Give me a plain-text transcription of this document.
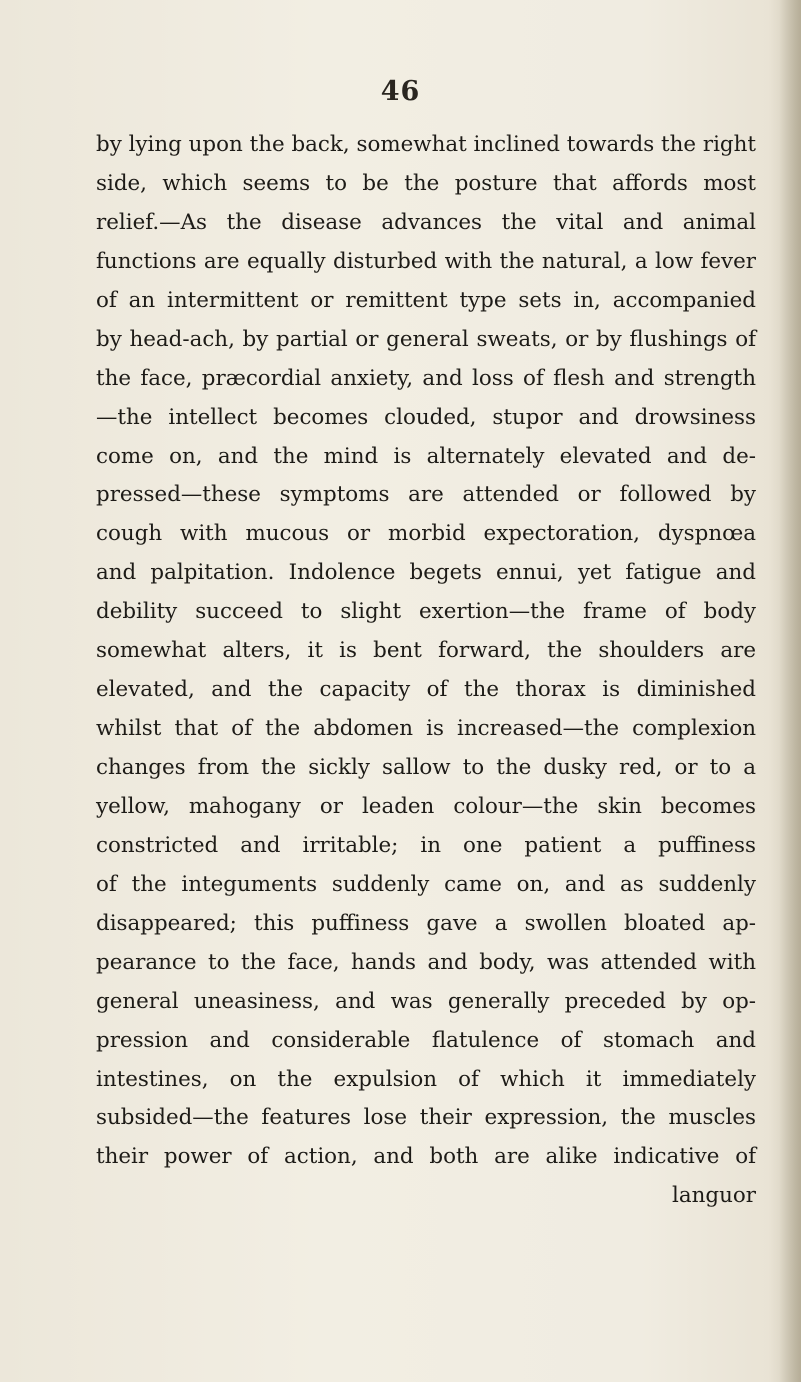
46
by lying upon the back, somewhat inclined towards the right
side, which seems to be the posture that affords most
relief.—As the disease advances the vital and animal
functions are equally disturbed with the natural, a low fever
of an intermittent or remittent type sets in, accompanied
by head-ach, by partial or general sweats, or by flushings of
the face, præcordial anxiety, and loss of flesh and strength
—the intellect becomes clouded, stupor and drowsiness
come on, and the mind is alternately elevated and de-
pressed—these symptoms are attended or followed by
cough with mucous or morbid expectoration, dyspnœa
and palpitation. Indolence begets ennui, yet fatigue and
debility succeed to slight exertion—the frame of body
somewhat alters, it is bent forward, the shoulders are
elevated, and the capacity of the thorax is diminished
whilst that of the abdomen is increased—the complexion
changes from the sickly sallow to the dusky red, or to a
yellow, mahogany or leaden colour—the skin becomes
constricted and irritable; in one patient a puffiness
of the integuments suddenly came on, and as suddenly
disappeared; this puffiness gave a swollen bloated ap-
pearance to the face, hands and body, was attended with
general uneasiness, and was generally preceded by op-
pression and considerable flatulence of stomach and
intestines, on the expulsion of which it immediately
subsided—the features lose their expression, the muscles
their power of action, and both are alike indicative of
languor
